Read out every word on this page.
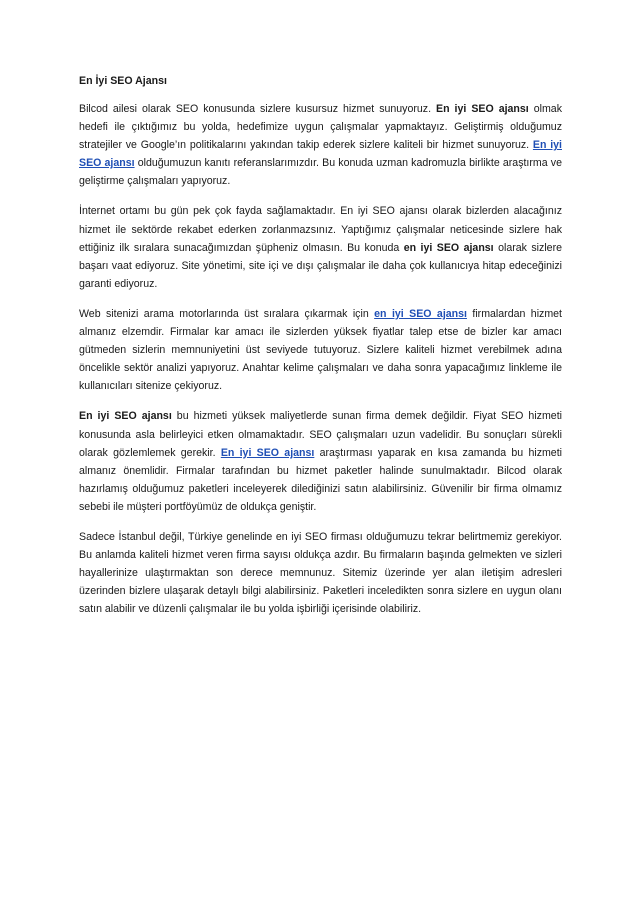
En İyi SEO Ajansı

Bilcod ailesi olarak SEO konusunda sizlere kusursuz hizmet sunuyoruz. En iyi SEO ajansı olmak hedefi ile çıktığımız bu yolda, hedefimize uygun çalışmalar yapmaktayız. Geliştirmiş olduğumuz stratejiler ve Google’ın politikalarını yakından takip ederek sizlere kaliteli bir hizmet sunuyoruz. En iyi SEO ajansı olduğumuzun kanıtı referanslarımızdır. Bu konuda uzman kadromuzla birlikte araştırma ve geliştirme çalışmaları yapıyoruz.

İnternet ortamı bu gün pek çok fayda sağlamaktadır. En iyi SEO ajansı olarak bizlerden alacağınız hizmet ile sektörde rekabet ederken zorlanmazsınız. Yaptığımız çalışmalar neticesinde sizlere hak ettiğiniz ilk sıralara sunacağımızdan şüpheniz olmasın. Bu konuda en iyi SEO ajansı olarak sizlere başarı vaat ediyoruz. Site yönetimi, site içi ve dışı çalışmalar ile daha çok kullanıcıya hitap edeceğinizi garanti ediyoruz.

Web sitenizi arama motorlarında üst sıralara çıkarmak için en iyi SEO ajansı firmalardan hizmet almanız elzemdir. Firmalar kar amacı ile sizlerden yüksek fiyatlar talep etse de bizler kar amacı gütmeden sizlerin memnuniyetini üst seviyede tutuyoruz. Sizlere kaliteli hizmet verebilmek adına öncelikle sektör analizi yapıyoruz. Anahtar kelime çalışmaları ve daha sonra yapacağımız linkleme ile kullanıcıları sitenize çekiyoruz.

En iyi SEO ajansı bu hizmeti yüksek maliyetlerde sunan firma demek değildir. Fiyat SEO hizmeti konusunda asla belirleyici etken olmamaktadır. SEO çalışmaları uzun vadelidir. Bu sonuçları sürekli olarak gözlemlemek gerekir. En iyi SEO ajansı araştırması yaparak en kısa zamanda bu hizmeti almanız önemlidir. Firmalar tarafından bu hizmet paketler halinde sunulmaktadır. Bilcod olarak hazırlamış olduğumuz paketleri inceleyerek dilediğinizi satın alabilirsiniz. Güvenilir bir firma olmamız sebebi ile müşteri portföyümüz de oldukça geniştir.

Sadece İstanbul değil, Türkiye genelinde en iyi SEO firması olduğumuzu tekrar belirtmemiz gerekiyor. Bu anlamda kaliteli hizmet veren firma sayısı oldukça azdır. Bu firmaların başında gelmekten ve sizleri hayallerinize ulaştırmaktan son derece memnunuz. Sitemiz üzerinde yer alan iletişim adresleri üzerinden bizlere ulaşarak detaylı bilgi alabilirsiniz. Paketleri inceledikten sonra sizlere en uygun olanı satın alabilir ve düzenli çalışmalar ile bu yolda işbirliği içerisinde olabiliriz.
